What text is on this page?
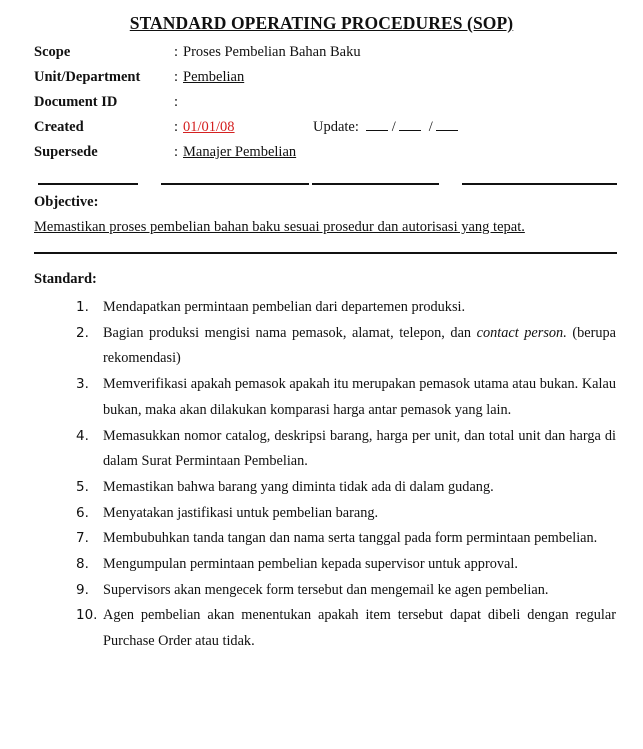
STANDARD OPERATING PROCEDURES (SOP)
Scope	: Proses Pembelian Bahan Baku
Unit/Department : Pembelian
Document ID	:
Created	: 01/01/08	Update:   /   /
Supersede	: Manajer Pembelian
Objective:
Memastikan proses pembelian bahan baku sesuai prosedur dan autorisasi yang tepat.
Standard:
1. Mendapatkan permintaan pembelian dari departemen produksi.
2. Bagian produksi mengisi nama pemasok, alamat, telepon, dan contact person. (berupa rekomendasi)
3. Memverifikasi apakah pemasok apakah itu merupakan pemasok utama atau bukan. Kalau bukan, maka akan dilakukan komparasi harga antar pemasok yang lain.
4. Memasukkan nomor catalog, deskripsi barang, harga per unit, dan total unit dan harga di dalam Surat Permintaan Pembelian.
5. Memastikan bahwa barang yang diminta tidak ada di dalam gudang.
6. Menyatakan jastifikasi untuk pembelian barang.
7. Membubuhkan tanda tangan dan nama serta tanggal pada form permintaan pembelian.
8. Mengumpulan permintaan pembelian kepada supervisor untuk approval.
9. Supervisors akan mengecek form tersebut dan mengemail ke agen pembelian.
10. Agen pembelian akan menentukan apakah item tersebut dapat dibeli dengan regular Purchase Order atau tidak.
